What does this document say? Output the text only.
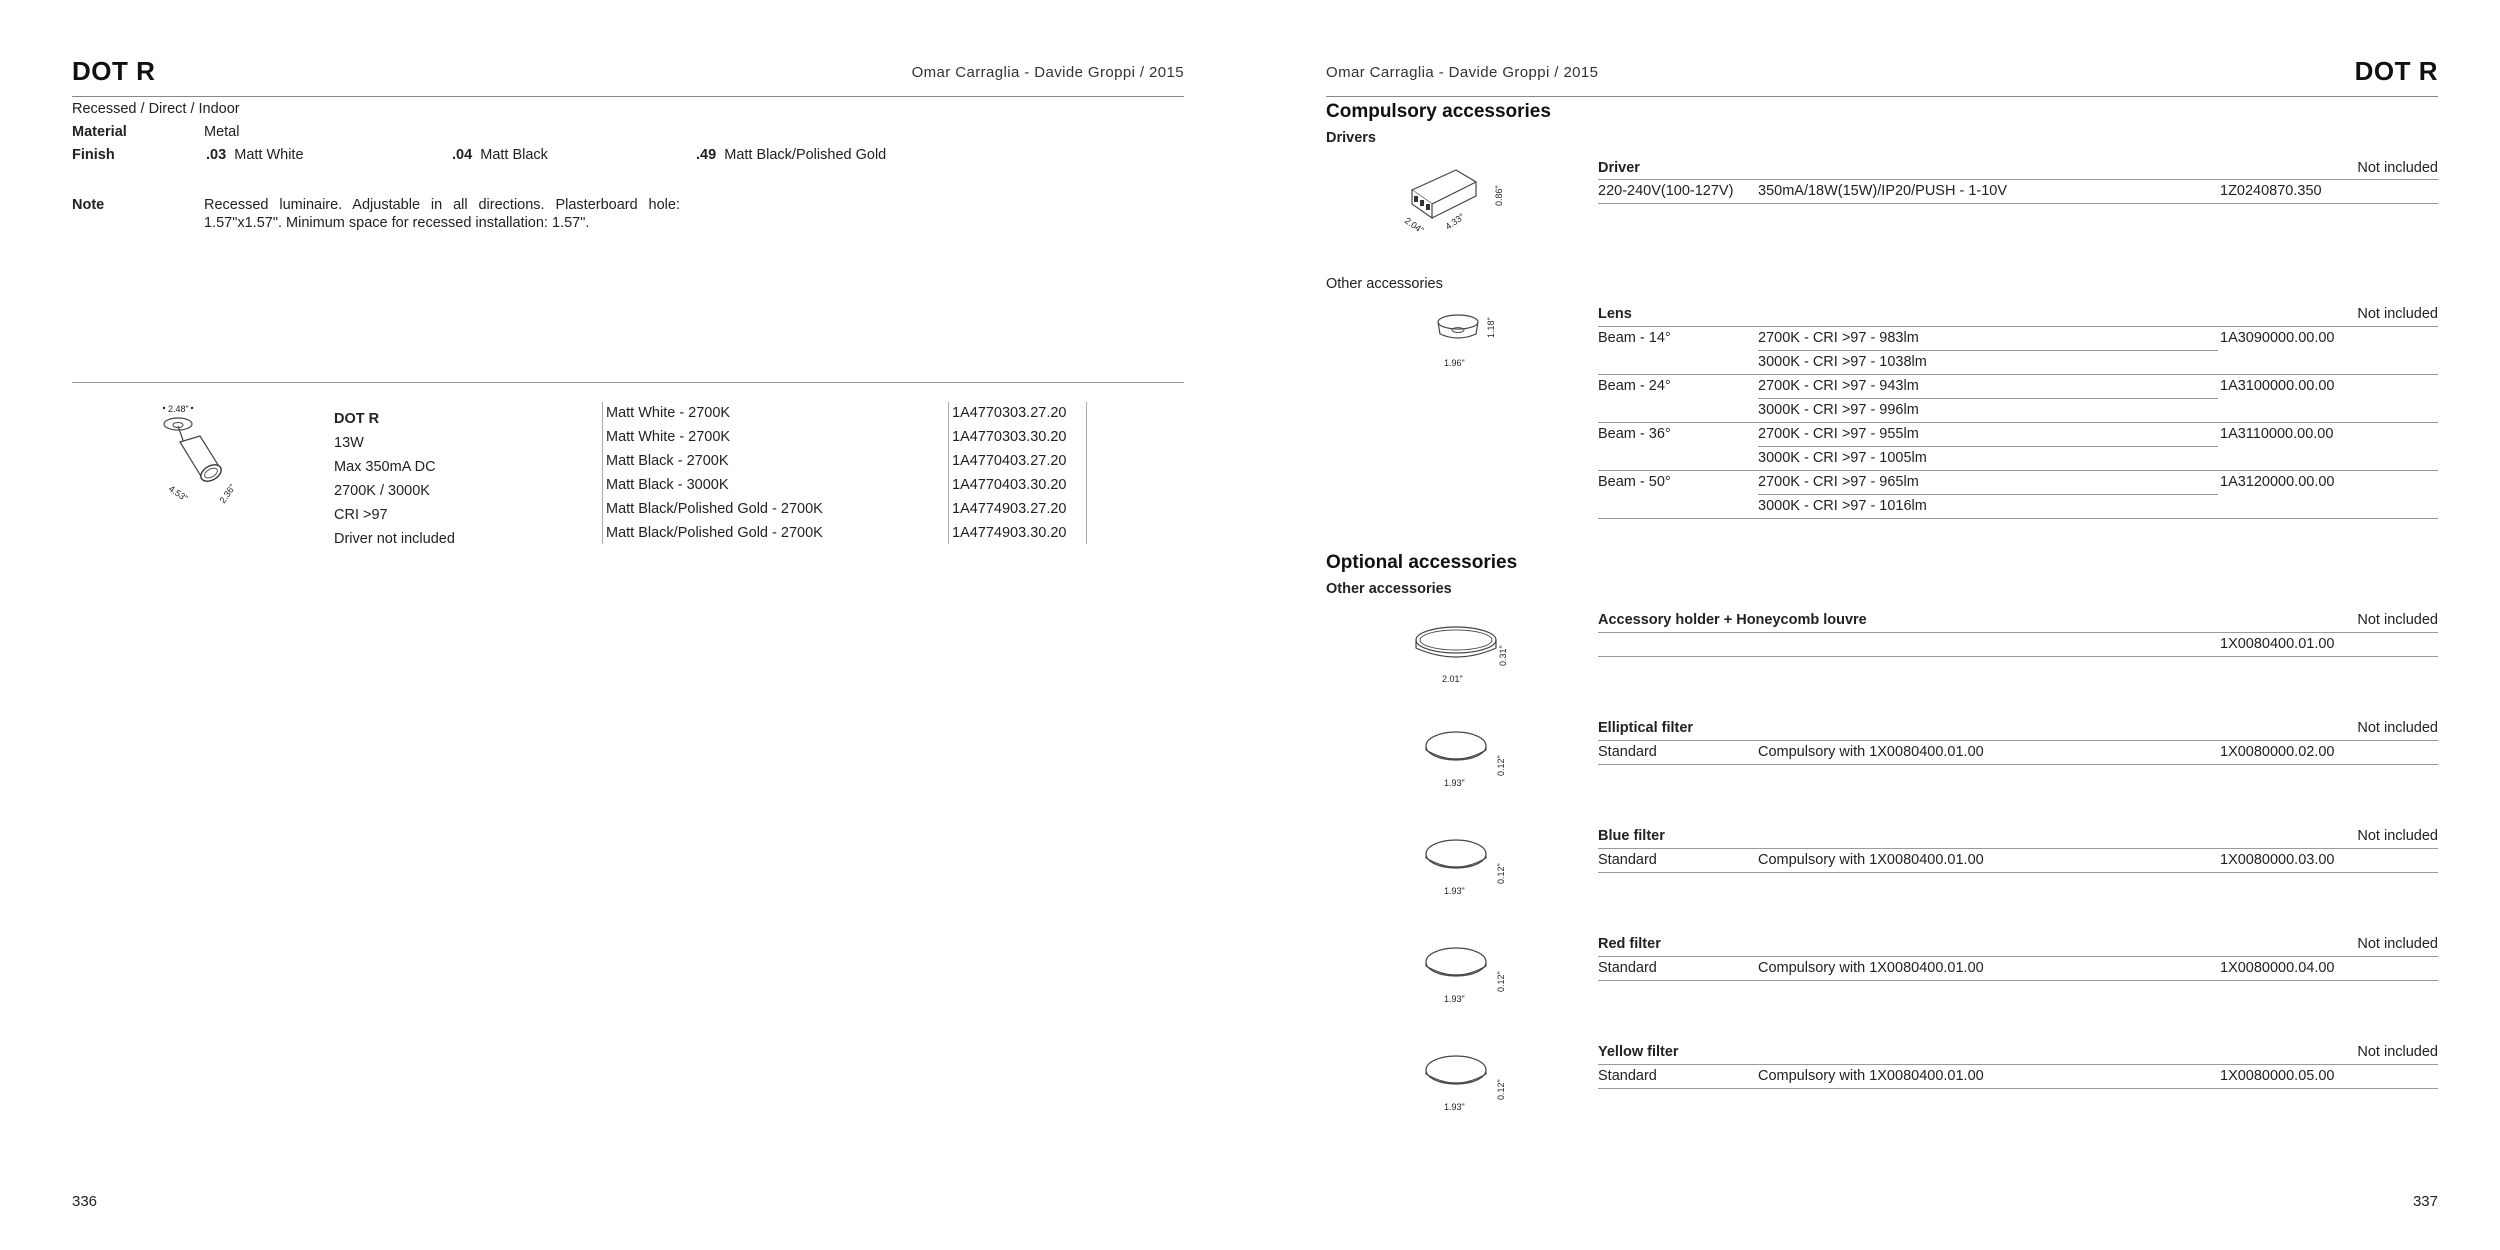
DOT R	Omar Carraglia - Davide Groppi / 2015
Recessed / Direct / Indoor
Material	Metal
Finish	.03 Matt White	.04 Matt Black	.49 Matt Black/Polished Gold
Note	Recessed luminaire. Adjustable in all directions. Plasterboard hole: 1.57"x1.57". Minimum space for recessed installation: 1.57".
2.48"
4.53"	2.36"
DOT R
13W
Max 350mA DC
2700K / 3000K
CRI >97
Driver not included
Matt White - 2700K	1A4770303.27.20
Matt White - 2700K	1A4770303.30.20
Matt Black - 2700K	1A4770403.27.20
Matt Black - 3000K	1A4770403.30.20
Matt Black/Polished Gold - 2700K	1A4774903.27.20
Matt Black/Polished Gold - 2700K	1A4774903.30.20
336
Omar Carraglia - Davide Groppi / 2015	DOT R
Compulsory accessories
Drivers
0.86"
4.33"
2.04"
Driver	Not included
220-240V(100-127V) 350mA/18W(15W)/IP20/PUSH - 1-10V	1Z0240870.350
Other accessories
1.18"
1.96"
Lens	Not included
Beam - 14°	2700K - CRI >97 - 983lm	1A3090000.00.00
3000K - CRI >97 - 1038lm
Beam - 24°	2700K - CRI >97 - 943lm	1A3100000.00.00
3000K - CRI >97 - 996lm
Beam - 36°	2700K - CRI >97 - 955lm	1A3110000.00.00
3000K - CRI >97 - 1005lm
Beam - 50°	2700K - CRI >97 - 965lm	1A3120000.00.00
3000K - CRI >97 - 1016lm
Optional accessories
Other accessories
0.31"
2.01"
Accessory holder + Honeycomb louvre	Not included
1X0080400.01.00
0.12"
1.93"
Elliptical filter	Not included
Standard	Compulsory with 1X0080400.01.00	1X0080000.02.00
0.12"
1.93"
Blue filter	Not included
Standard	Compulsory with 1X0080400.01.00	1X0080000.03.00
0.12"
1.93"
Red filter	Not included
Standard	Compulsory with 1X0080400.01.00	1X0080000.04.00
0.12"
1.93"
Yellow filter	Not included
Standard	Compulsory with 1X0080400.01.00	1X0080000.05.00
337
